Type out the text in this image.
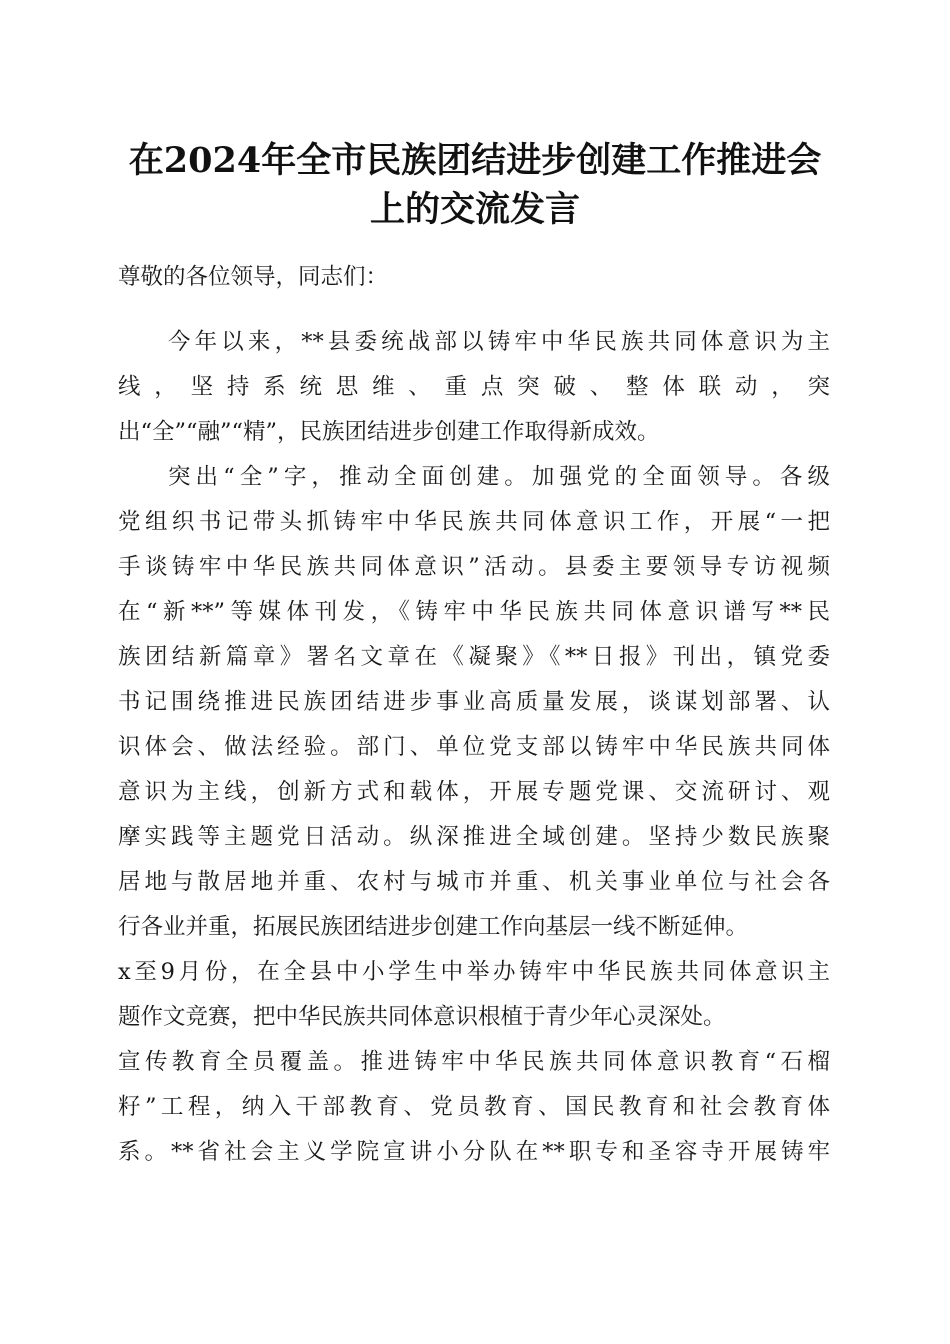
在2024年全市民族团结进步创建工作推进会
上的交流发言
尊敬的各位领导，同志们：
今年以来，**县委统战部以铸牢中华民族共同体意识为主
线，坚持系统思维、重点突破、整体联动，突
出“全”“融”“精”，民族团结进步创建工作取得新成效。
突出“全”字，推动全面创建。加强党的全面领导。各级
党组织书记带头抓铸牢中华民族共同体意识工作，开展“一把
手谈铸牢中华民族共同体意识”活动。县委主要领导专访视频
在“新**”等媒体刊发，《铸牢中华民族共同体意识谱写**民
族团结新篇章》署名文章在《凝聚》《**日报》刊出，镇党委
书记围绕推进民族团结进步事业高质量发展，谈谋划部署、认
识体会、做法经验。部门、单位党支部以铸牢中华民族共同体
意识为主线，创新方式和载体，开展专题党课、交流研讨、观
摩实践等主题党日活动。纵深推进全域创建。坚持少数民族聚
居地与散居地并重、农村与城市并重、机关事业单位与社会各
行各业并重，拓展民族团结进步创建工作向基层一线不断延伸。
x至9月份，在全县中小学生中举办铸牢中华民族共同体意识主
题作文竞赛，把中华民族共同体意识根植于青少年心灵深处。
宣传教育全员覆盖。推进铸牢中华民族共同体意识教育“石榴
籽”工程，纳入干部教育、党员教育、国民教育和社会教育体
系。**省社会主义学院宣讲小分队在**职专和圣容寺开展铸牢
